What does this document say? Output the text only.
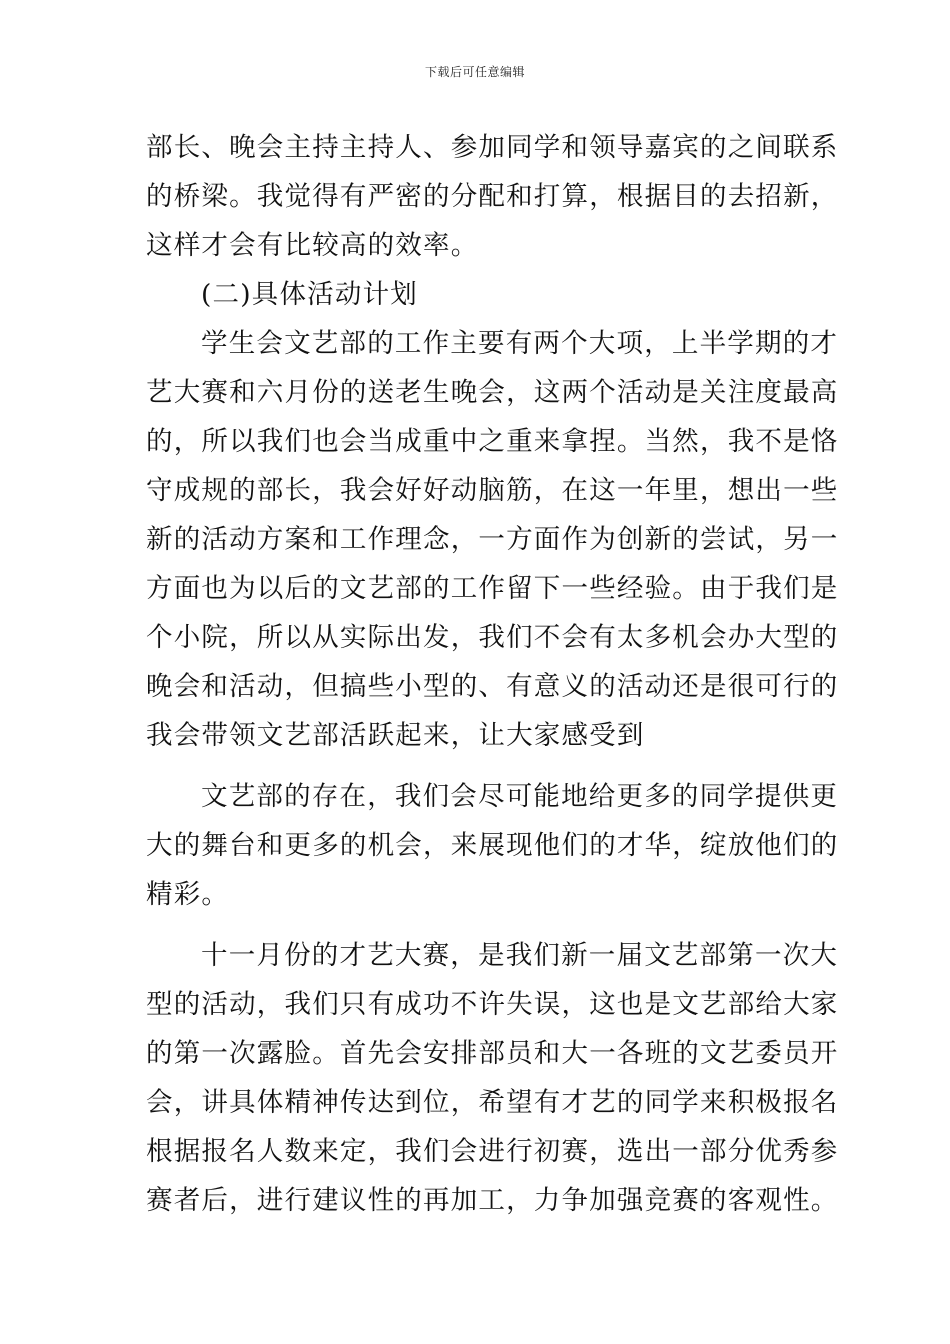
下载后可任意编辑
部长、晚会主持主持人、参加同学和领导嘉宾的之间联系
的桥梁。我觉得有严密的分配和打算，根据目的去招新，
这样才会有比较高的效率。
(二)具体活动计划
学生会文艺部的工作主要有两个大项，上半学期的才
艺大赛和六月份的送老生晚会，这两个活动是关注度最高
的，所以我们也会当成重中之重来拿捏。当然，我不是恪
守成规的部长，我会好好动脑筋，在这一年里，想出一些
新的活动方案和工作理念，一方面作为创新的尝试，另一
方面也为以后的文艺部的工作留下一些经验。由于我们是
个小院，所以从实际出发，我们不会有太多机会办大型的
晚会和活动，但搞些小型的、有意义的活动还是很可行的
我会带领文艺部活跃起来，让大家感受到
文艺部的存在，我们会尽可能地给更多的同学提供更
大的舞台和更多的机会，来展现他们的才华，绽放他们的
精彩。
十一月份的才艺大赛，是我们新一届文艺部第一次大
型的活动，我们只有成功不许失误，这也是文艺部给大家
的第一次露脸。首先会安排部员和大一各班的文艺委员开
会，讲具体精神传达到位，希望有才艺的同学来积极报名
根据报名人数来定，我们会进行初赛，选出一部分优秀参
赛者后，进行建议性的再加工，力争加强竞赛的客观性。
